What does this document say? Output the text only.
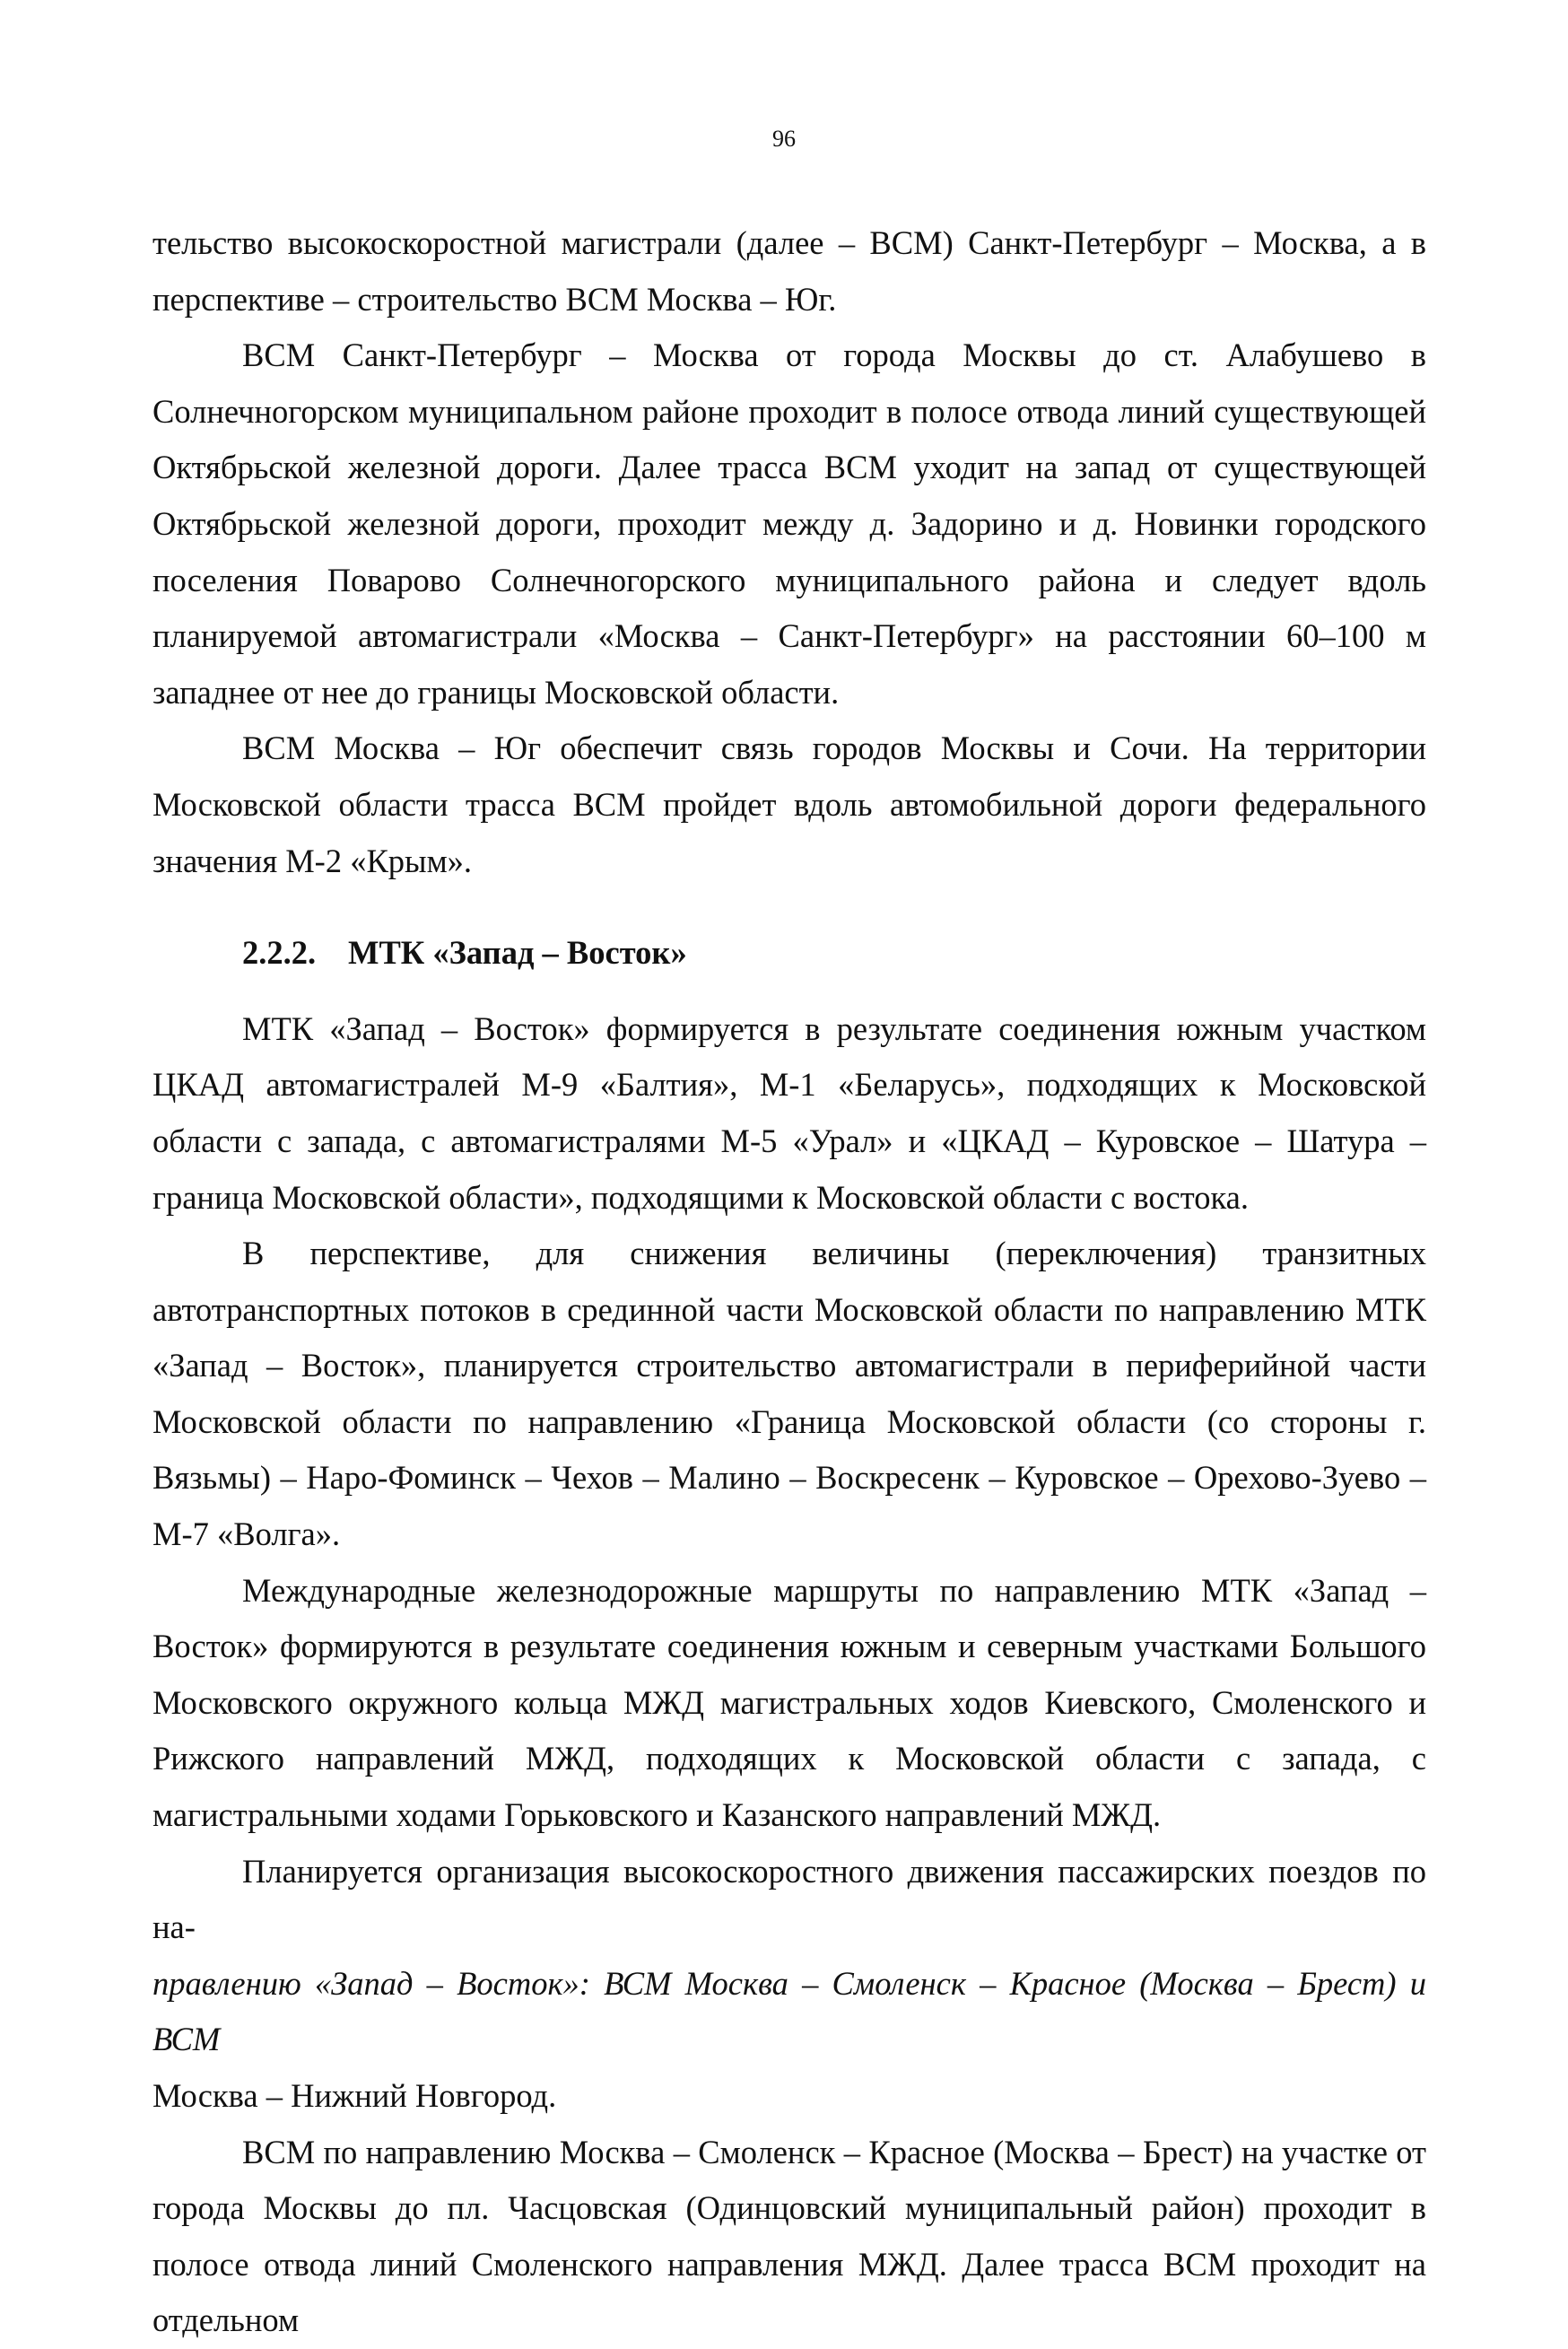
96

тельство высокоскоростной магистрали (далее – ВСМ) Санкт-Петербург – Москва, а в перспективе – строительство ВСМ Москва – Юг.

ВСМ Санкт-Петербург – Москва от города Москвы до ст. Алабушево в Солнечногорском муниципальном районе проходит в полосе отвода линий существующей Октябрьской железной дороги. Далее трасса ВСМ уходит на запад от существующей Октябрьской железной дороги, проходит между д. Задорино и д. Новинки городского поселения Поварово Солнечногорского муниципального района и следует вдоль планируемой автомагистрали «Москва – Санкт-Петербург» на расстоянии 60–100 м западнее от нее до границы Московской области.

ВСМ Москва – Юг обеспечит связь городов Москвы и Сочи. На территории Московской области трасса ВСМ пройдет вдоль автомобильной дороги федерального значения М-2 «Крым».

2.2.2. МТК «Запад – Восток»

МТК «Запад – Восток» формируется в результате соединения южным участком ЦКАД автомагистралей М-9 «Балтия», М-1 «Беларусь», подходящих к Московской области с запада, с автомагистралями М-5 «Урал» и «ЦКАД – Куровское – Шатура – граница Московской области», подходящими к Московской области с востока.

В перспективе, для снижения величины (переключения) транзитных автотранспортных потоков в срединной части Московской области по направлению МТК «Запад – Восток», планируется строительство автомагистрали в периферийной части Московской области по направлению «Граница Московской области (со стороны г. Вязьмы) – Наро-Фоминск – Чехов – Малино – Воскресенк – Куровское – Орехово-Зуево – М-7 «Волга».

Международные железнодорожные маршруты по направлению МТК «Запад – Восток» формируются в результате соединения южным и северным участками Большого Московского окружного кольца МЖД магистральных ходов Киевского, Смоленского и Рижского направлений МЖД, подходящих к Московской области с запада, с магистральными ходами Горьковского и Казанского направлений МЖД.

Планируется организация высокоскоростного движения пассажирских поездов по на-
правлению «Запад – Восток»: ВСМ Москва – Смоленск – Красное (Москва – Брест) и ВСМ
Москва – Нижний Новгород.

ВСМ по направлению Москва – Смоленск – Красное (Москва – Брест) на участке от города Москвы до пл. Часцовская (Одинцовский муниципальный район) проходит в полосе отвода линий Смоленского направления МЖД. Далее трасса ВСМ проходит на отдельном
